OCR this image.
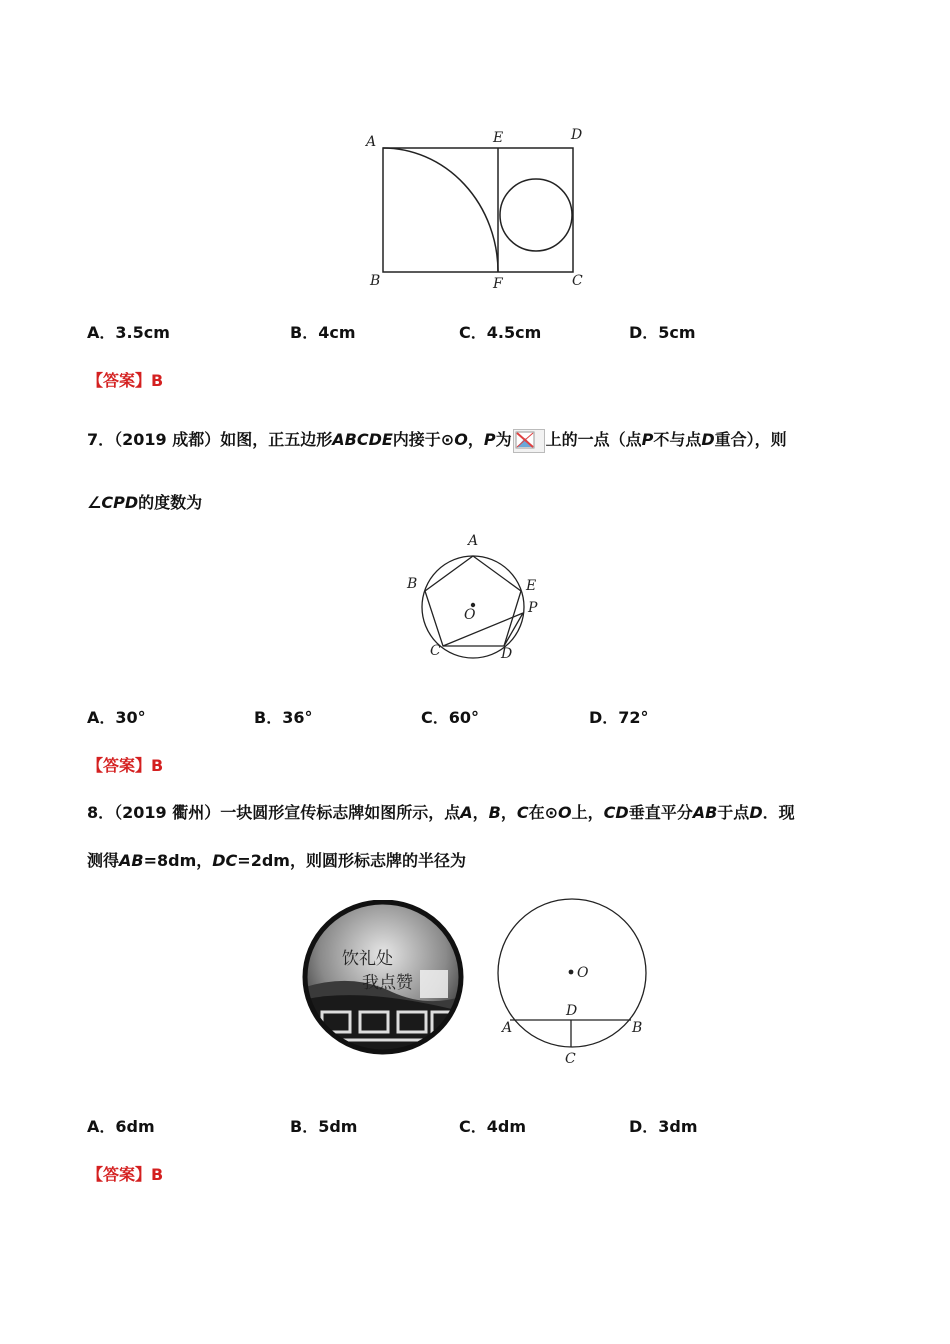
A	E	D
B	F	C
A．3.5cm	B．4cm	C．4.5cm	D．5cm
【答案】B
7．（2019 成都）如图，正五边形ABCDE内接于⊙O，P为 上的一点（点P不与点D重合），则
∠CPD的度数为
A
B	E
P
O
C	D
A．30°	B．36°	C．60°	D．72°
【答案】B
8．（2019 衢州）一块圆形宣传标志牌如图所示，点A，B，C在⊙O上，CD垂直平分AB于点D．现
测得AB=8dm，DC=2dm，则圆形标志牌的半径为
饮礼处
我点赞	O
D
A	B
C
A．6dm	B．5dm	C．4dm	D．3dm
【答案】B
